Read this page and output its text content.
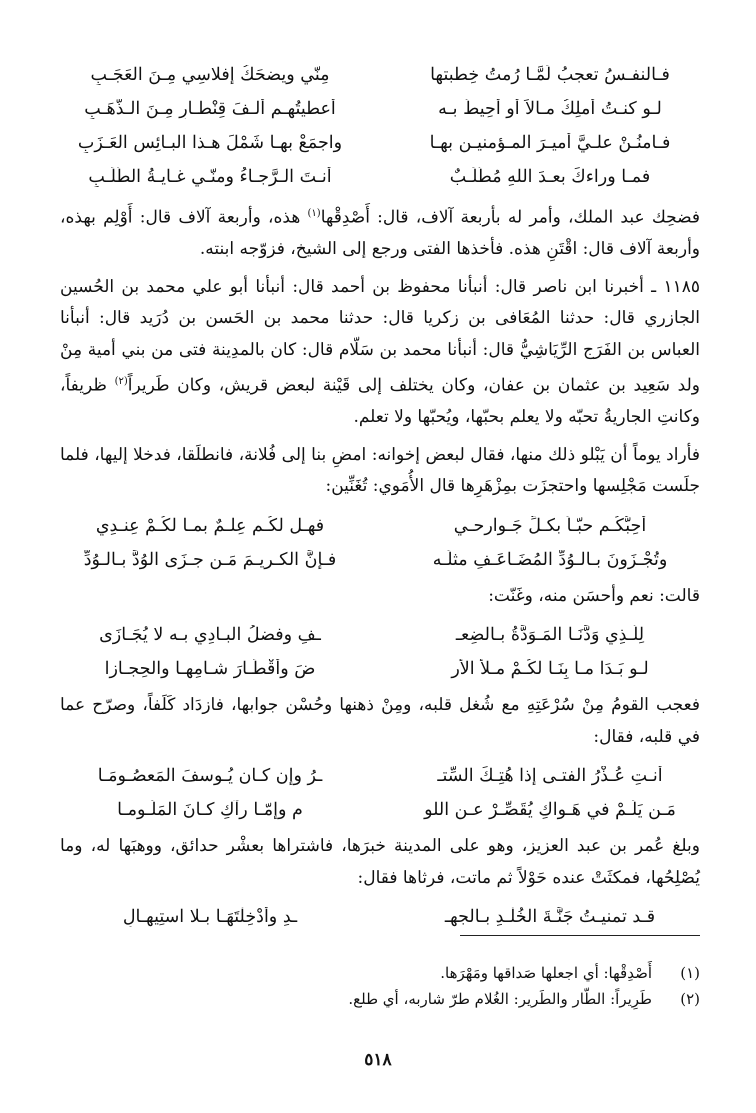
فـالنفـسُ تعجبُ لَمَّـا رُمتُ خِطبتها
مِنّي ويضحَكُ إفلاسِي مِـنَ العَجَـبِ
لـو كنـتُ أملِكُ مـالاً أو أُحِيطُ بـه
أعطيتُهـم ألـفَ قِنْطـارٍ مِـنَ الـذَّهَـبِ
فـامنُـنْ علـيَّ أميـرَ المـؤمنيـن بهـا
واجمَعْ بهـا شَمْلَ هـذا البـائِسِ العَـزَبِ
فمـا وراءكَ بعـدَ اللهِ مُطَّلَـبٌ
أنـتَ الـرَّجـاءُ ومنّـي غـايـةُ الطَّلَـبِ

فضحِك عبد الملك، وأمر له بأربعة آلاف، قال: أَصْدِقْها$^{(١)}$ هذه، وأربعة آلاف قال: أَوْلِم بهذه، وأربعة آلاف قال: اقْتَنِ هذه. فأخذها الفتى ورجع إلى الشيخ، فزوّجه ابنته.

١١٨٥ ـ أخبرنا ابن ناصر قال: أنبأنا محفوظ بن أحمد قال: أنبأنا أبو علي محمد بن الحُسين الجازري قال: حدثنا المُعَافى بن زكريا قال: حدثنا محمد بن الحَسن بن دُرَيد قال: أنبأنا العباس بن الفَرَج الرِّيَاشِيُّ قال: أنبأنا محمد بن سَلّام قال: كان بالمدِينة فتى من بني أمية مِنْ ولد سَعِيد بن عثمان بن عفان، وكان يختلف إلى قَيْنة لبعض قريش، وكان طَريراً$^{(٢)}$ ظريفاً، وكانتِ الجاريةُ تحبّه ولا يعلم بحبّها، ويُحبّها ولا تعلم.

فأراد يوماً أن يَبْلو ذلك منها، فقال لبعض إخوانه: امضِ بنا إلى فُلانة، فانطلَقا، فدخلا إليها، فلما جلَست مَجْلِسها واحتجزَت بمِزْهَرِها قال الأُمَوي: تُغَنِّين:

أحِبُّكُـم حبّـاً بكـلِّ جَـوارحـي
فهـل لكُـم عِلـمٌ بمـا لكُـمْ عِنـدِي
وتُجْـزَونَ بـالـوُدِّ المُضَـاعَـفِ مثلَـه
فـإنَّ الكـريـمَ مَـن جـزَى الوُدَّ بـالـوُدِّ

قالت: نعم وأحسَن منه، وغَنّت:

لِلَّـذِي وَدَّنَـا المَـوَدَّةُ بـالضِعـ
ـفِ وفضلُ البـادِي بـه لا يُجَـازَى
لـو بَـدَا مـا بِنَـا لكُـمْ مـلأَ الأَر
ضَ وأَقْطَـارَ شـامِهـا والحِجـازا

فعجب القومُ مِنْ سُرْعَتِهِ مع شُغل قلبه، ومِنْ ذهنها وحُسْن جوابها، فازدَاد كَلَفاً، وصرّح عما في قلبه، فقال:

أنـتِ عُـذْرُ الفتـى إذا هُتِـكَ السِّتـ
ـرُ وإن كـان يُـوسفَ المَعصُـومَـا
مَـن يَلُـمْ في هَـواكِ يُقَصِّـرْ عـن اللو
مِ وإمّـا رآكِ كـانَ المَلُـومـا

وبلغ عُمر بن عبد العزيز، وهو على المدينة خبرَها، فاشتراها بعشْر حدائق، ووهبَها له، وما يُصْلِحُها، فمكثَتْ عنده حَوْلاً ثم ماتت، فرثاها فقال:

قـد تمنيـتُ جَنَّـةَ الخُلْـدِ بـالجهـ
ـدِ وأُدْخِلْتَهَـا بـلا استِيهـالِ
(١)
أَصْدِقْها: أي اجعلها صَداقها ومَهْرَها.
(٢)
طَرِيراً: الطّار والطَرير: الغُلام طرّ شاربه، أي طلع.
٥١٨
